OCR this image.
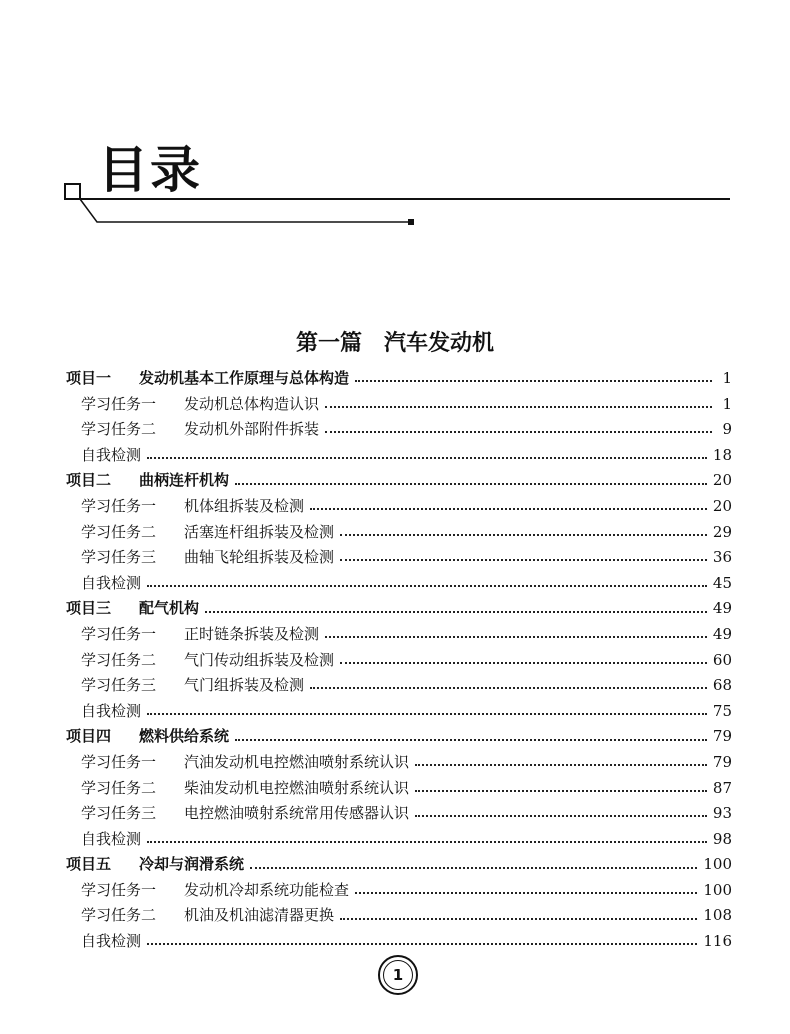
目录
第一篇　汽车发动机
项目一 发动机基本工作原理与总体构造	1
学习任务一 发动机总体构造认识	1
学习任务二 发动机外部附件拆装	9
自我检测	18
项目二 曲柄连杆机构	20
学习任务一 机体组拆装及检测	20
学习任务二 活塞连杆组拆装及检测	29
学习任务三 曲轴飞轮组拆装及检测	36
自我检测	45
项目三 配气机构	49
学习任务一 正时链条拆装及检测	49
学习任务二 气门传动组拆装及检测	60
学习任务三 气门组拆装及检测	68
自我检测	75
项目四 燃料供给系统	79
学习任务一 汽油发动机电控燃油喷射系统认识	79
学习任务二 柴油发动机电控燃油喷射系统认识	87
学习任务三 电控燃油喷射系统常用传感器认识	93
自我检测	98
项目五 冷却与润滑系统	100
学习任务一 发动机冷却系统功能检查	100
学习任务二 机油及机油滤清器更换	108
自我检测	116
1
